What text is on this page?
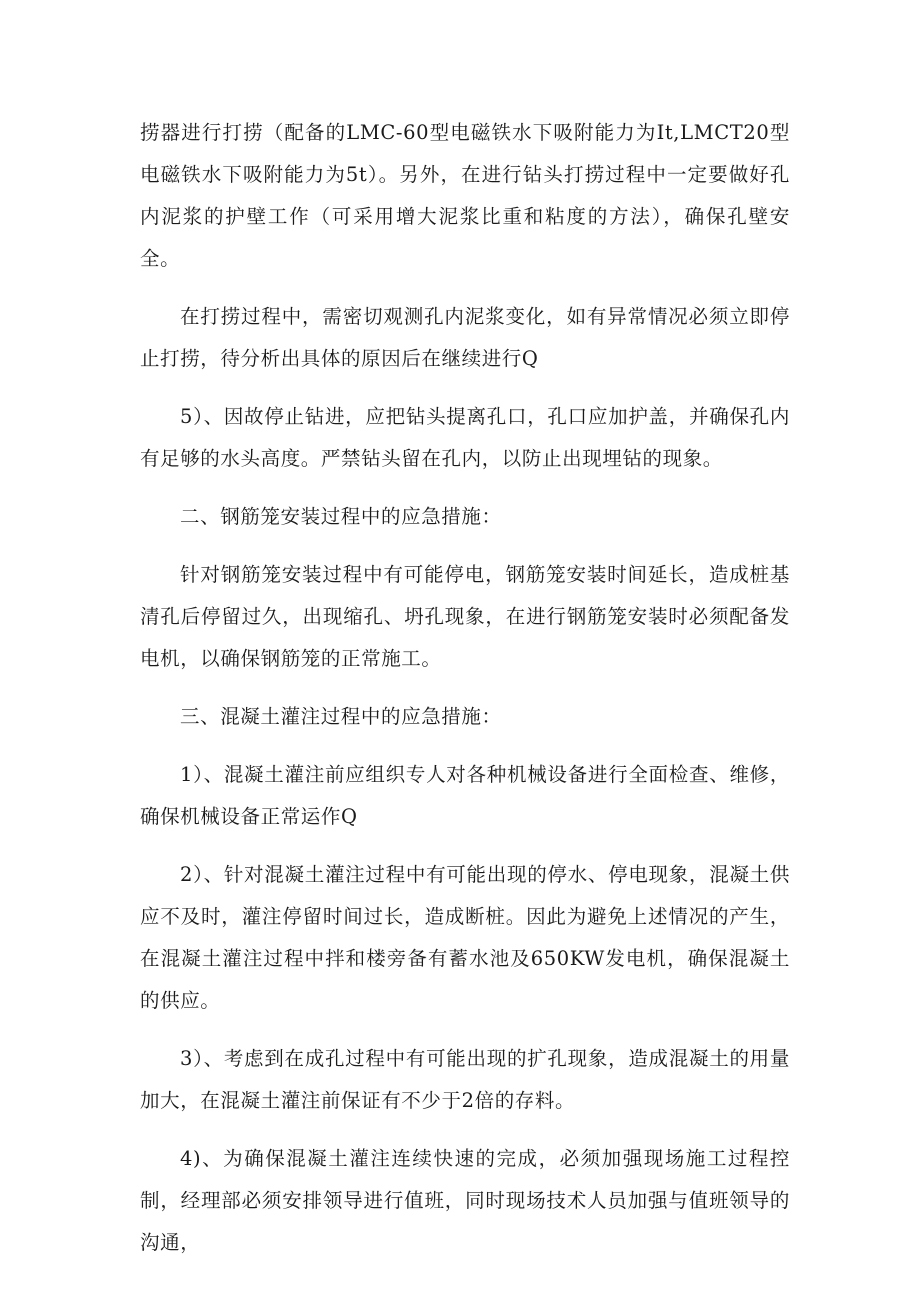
捞器进行打捞（配备的LMC-60型电磁铁水下吸附能力为It,LMCT20型电磁铁水下吸附能力为5t）。另外，在进行钻头打捞过程中一定要做好孔内泥浆的护壁工作（可采用增大泥浆比重和粘度的方法），确保孔壁安全。

在打捞过程中，需密切观测孔内泥浆变化，如有异常情况必须立即停止打捞，待分析出具体的原因后在继续进行Q

5）、因故停止钻进，应把钻头提离孔口，孔口应加护盖，并确保孔内有足够的水头高度。严禁钻头留在孔内，以防止出现埋钻的现象。

二、钢筋笼安装过程中的应急措施：

针对钢筋笼安装过程中有可能停电，钢筋笼安装时间延长，造成桩基清孔后停留过久，出现缩孔、坍孔现象，在进行钢筋笼安装时必须配备发电机，以确保钢筋笼的正常施工。

三、混凝土灌注过程中的应急措施：

1）、混凝土灌注前应组织专人对各种机械设备进行全面检查、维修，确保机械设备正常运作Q

2）、针对混凝土灌注过程中有可能出现的停水、停电现象，混凝土供应不及时，灌注停留时间过长，造成断桩。因此为避免上述情况的产生，在混凝土灌注过程中拌和楼旁备有蓄水池及650KW发电机，确保混凝土的供应。

3）、考虑到在成孔过程中有可能出现的扩孔现象，造成混凝土的用量加大，在混凝土灌注前保证有不少于2倍的存料。

4)、为确保混凝土灌注连续快速的完成，必须加强现场施工过程控制，经理部必须安排领导进行值班，同时现场技术人员加强与值班领导的沟通，
